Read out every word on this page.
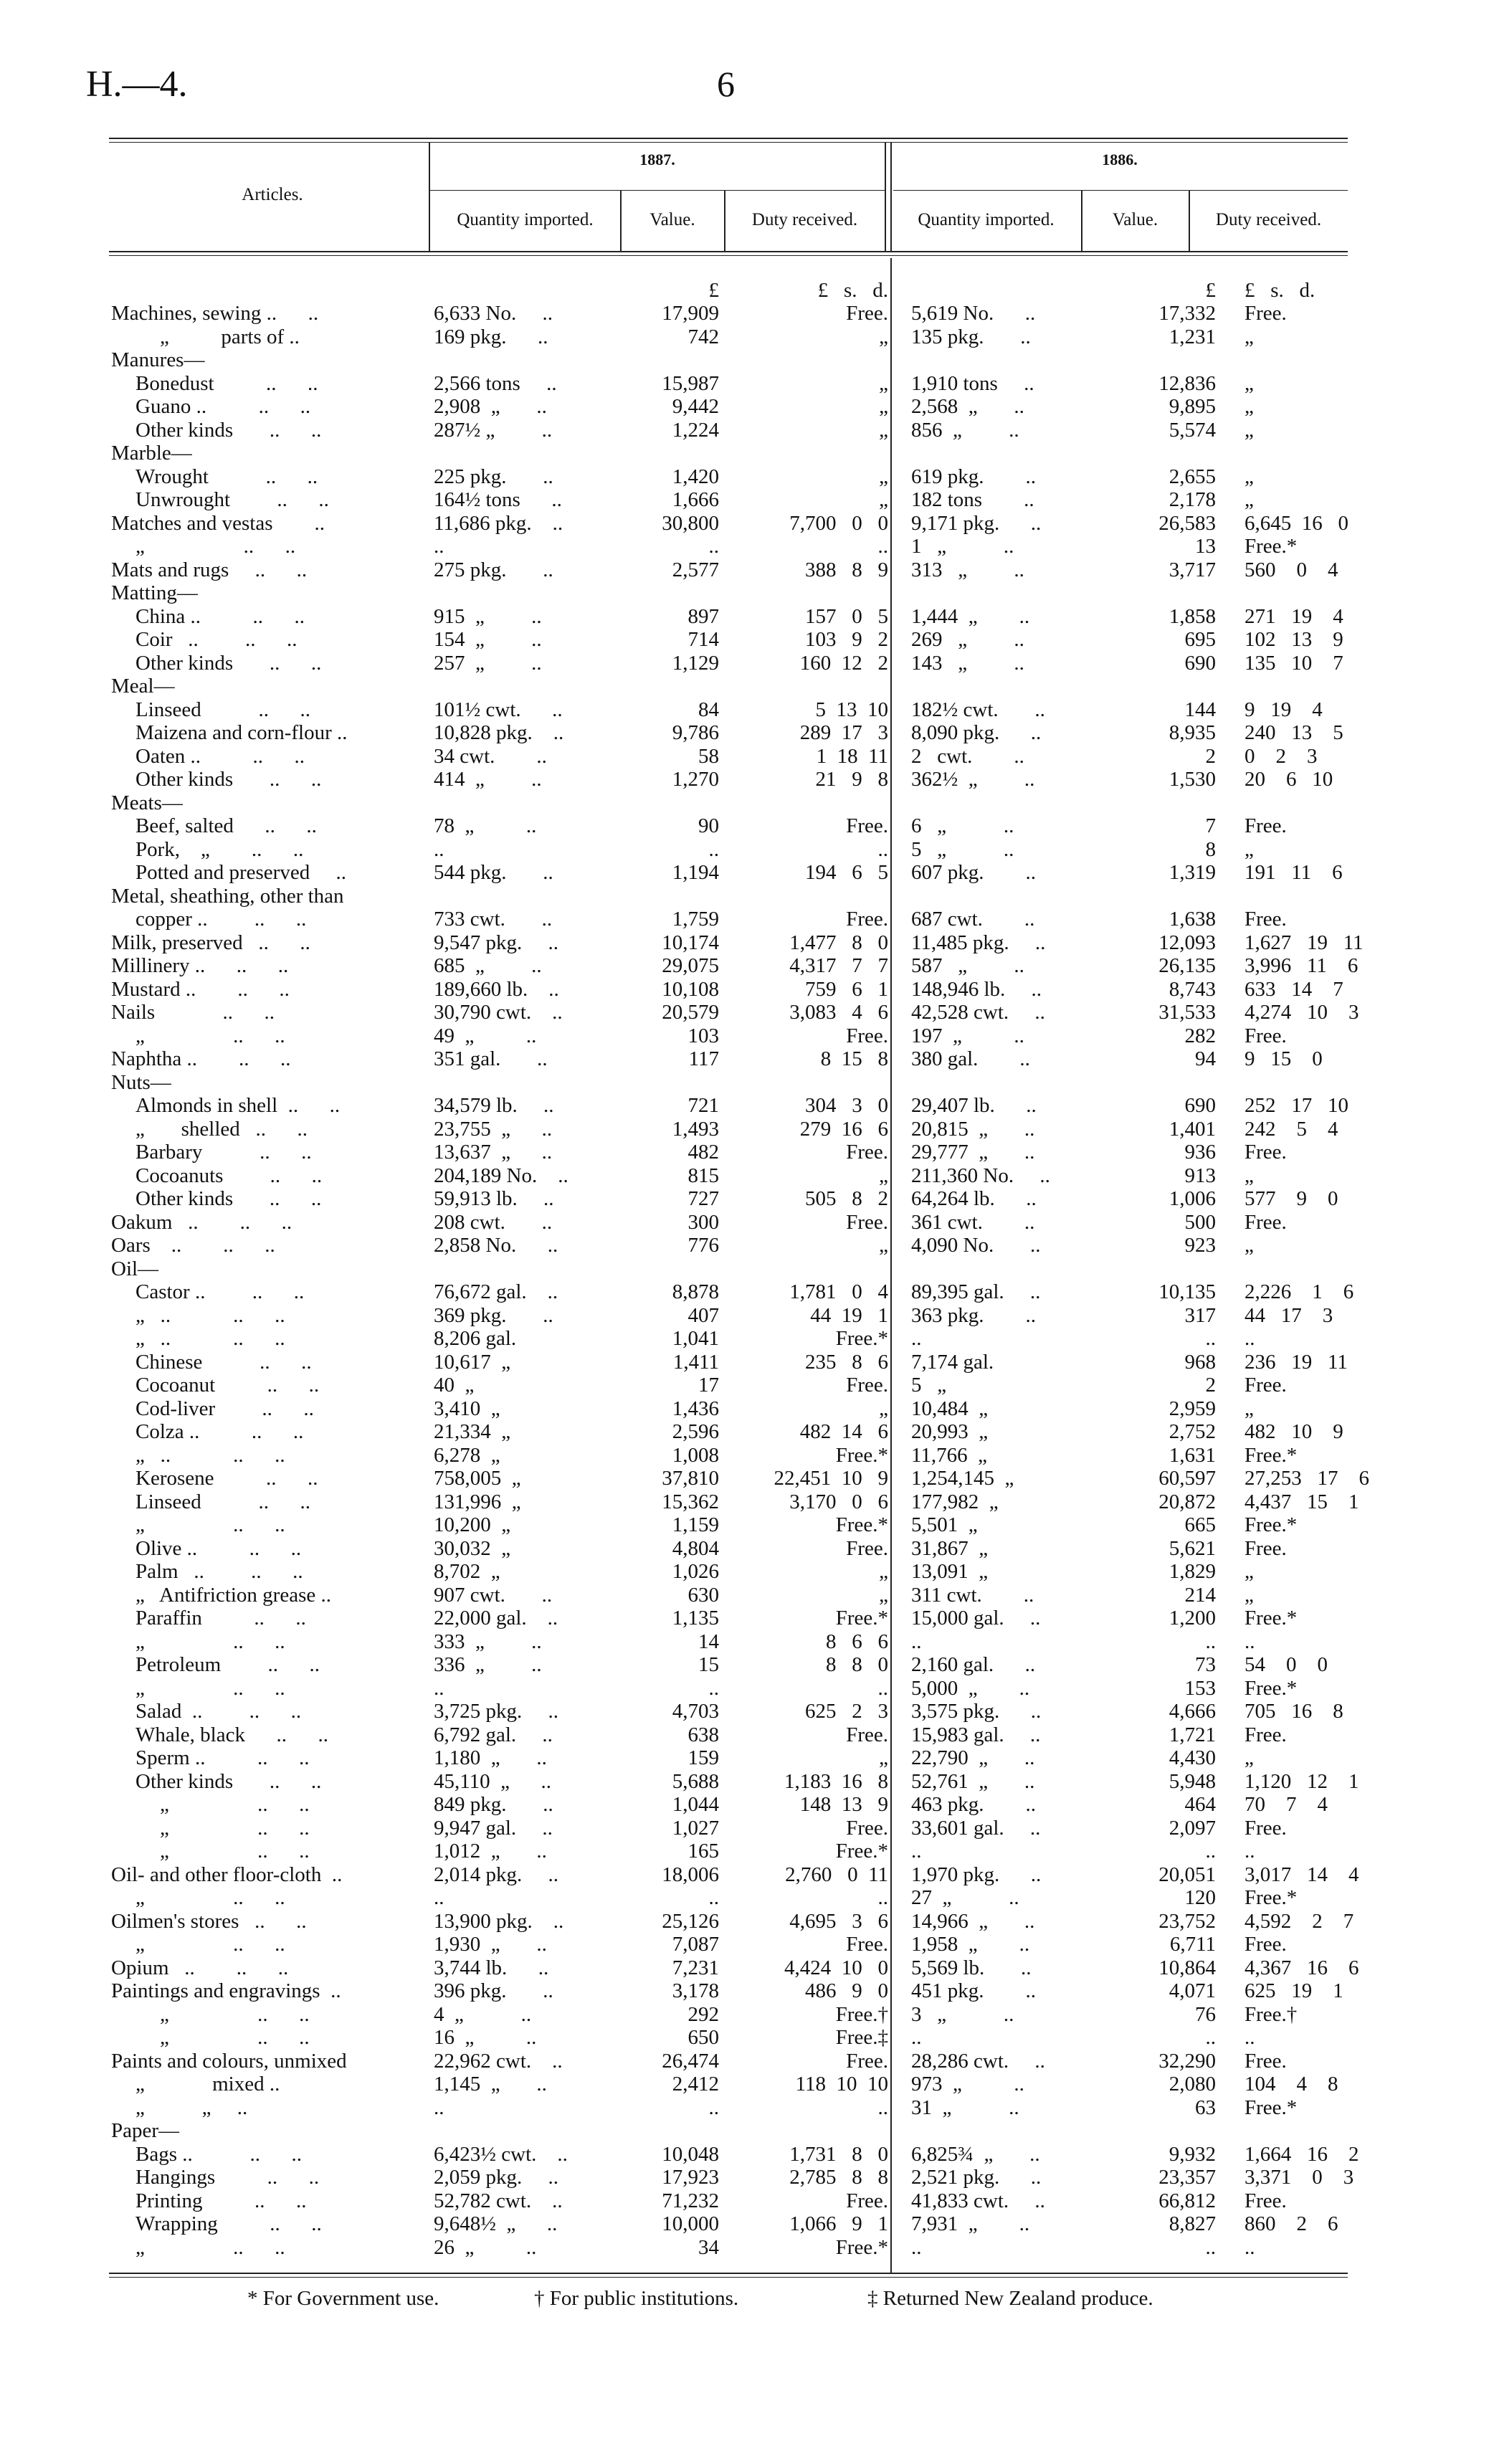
H.—4.	6
Articles.
1887.	1886.
Quantity imported.	Value.	Duty received.	Quantity imported.	Value.	Duty received.
		£	£   s.   d.		£	£   s.   d.
Machines, sewing ..      ..	6,633 No.     ..	17,909	Free.	5,619 No.      ..	17,332	Free.
„          parts of ..	169 pkg.      ..	742	„	135 pkg.       ..	1,231	„
Manures—						
Bonedust          ..      ..	2,566 tons     ..	15,987	„	1,910 tons     ..	12,836	„
Guano ..          ..      ..	2,908  „       ..	9,442	„	2,568  „       ..	9,895	„
Other kinds       ..      ..	287½ „         ..	1,224	„	856  „         ..	5,574	„
Marble—						
Wrought           ..      ..	225 pkg.       ..	1,420	„	619 pkg.        ..	2,655	„
Unwrought         ..      ..	164½ tons      ..	1,666	„	182 tons        ..	2,178	„
Matches and vestas        ..	11,686 pkg.    ..	30,800	7,700   0   0	9,171 pkg.      ..	26,583	6,645  16   0
„                   ..      ..	..	..	..	1   „           ..	13	Free.*
Mats and rugs     ..      ..	275 pkg.       ..	2,577	388   8   9	313   „         ..	3,717	560    0    4
Matting—						
China ..          ..      ..	915  „         ..	897	157   0   5	1,444  „        ..	1,858	271   19    4
Coir   ..         ..      ..	154  „         ..	714	103   9   2	269   „         ..	695	102   13    9
Other kinds       ..      ..	257  „         ..	1,129	160  12   2	143   „         ..	690	135   10    7
Meal—						
Linseed           ..      ..	101½ cwt.      ..	84	5  13  10	182½ cwt.       ..	144	9   19    4
Maizena and corn-flour ..	10,828 pkg.    ..	9,786	289  17   3	8,090 pkg.      ..	8,935	240   13    5
Oaten ..          ..      ..	34 cwt.        ..	58	1  18  11	2   cwt.        ..	2	0    2    3
Other kinds       ..      ..	414  „         ..	1,270	21   9   8	362½  „         ..	1,530	20    6   10
Meats—						
Beef, salted      ..      ..	78  „          ..	90	Free.	6   „           ..	7	Free.
Pork,    „        ..      ..	..	..	..	5   „           ..	8	„
Potted and preserved     ..	544 pkg.       ..	1,194	194   6   5	607 pkg.        ..	1,319	191   11    6
Metal, sheathing, other than						
copper ..         ..      ..	733 cwt.       ..	1,759	Free.	687 cwt.        ..	1,638	Free.
Milk, preserved   ..      ..	9,547 pkg.     ..	10,174	1,477   8   0	11,485 pkg.     ..	12,093	1,627   19   11
Millinery ..      ..      ..	685  „         ..	29,075	4,317   7   7	587   „         ..	26,135	3,996   11    6
Mustard ..        ..      ..	189,660 lb.    ..	10,108	759   6   1	148,946 lb.     ..	8,743	633   14    7
Nails             ..      ..	30,790 cwt.    ..	20,579	3,083   4   6	42,528 cwt.     ..	31,533	4,274   10    3
„                 ..      ..	49  „          ..	103	Free.	197  „          ..	282	Free.
Naphtha ..        ..      ..	351 gal.       ..	117	8  15   8	380 gal.        ..	94	9   15    0
Nuts—						
Almonds in shell  ..      ..	34,579 lb.     ..	721	304   3   0	29,407 lb.      ..	690	252   17   10
„       shelled   ..      ..	23,755  „      ..	1,493	279  16   6	20,815  „       ..	1,401	242    5    4
Barbary           ..      ..	13,637  „      ..	482	Free.	29,777  „       ..	936	Free.
Cocoanuts         ..      ..	204,189 No.    ..	815	„	211,360 No.     ..	913	„
Other kinds       ..      ..	59,913 lb.     ..	727	505   8   2	64,264 lb.      ..	1,006	577    9    0
Oakum   ..        ..      ..	208 cwt.       ..	300	Free.	361 cwt.        ..	500	Free.
Oars    ..        ..      ..	2,858 No.      ..	776	„	4,090 No.       ..	923	„
Oil—						
Castor ..         ..      ..	76,672 gal.    ..	8,878	1,781   0   4	89,395 gal.     ..	10,135	2,226    1    6
„   ..            ..      ..	369 pkg.       ..	407	44  19   1	363 pkg.        ..	317	44   17    3
„   ..            ..      ..	8,206 gal.	1,041	Free.*	..	..	..
Chinese           ..      ..	10,617  „	1,411	235   8   6	7,174 gal.	968	236   19   11
Cocoanut          ..      ..	40  „	17	Free.	5   „	2	Free.
Cod-liver         ..      ..	3,410  „	1,436	„	10,484  „	2,959	„
Colza ..          ..      ..	21,334  „	2,596	482  14   6	20,993  „	2,752	482   10    9
„   ..            ..      ..	6,278  „	1,008	Free.*	11,766  „	1,631	Free.*
Kerosene          ..      ..	758,005  „	37,810	22,451  10   9	1,254,145  „	60,597	27,253   17    6
Linseed           ..      ..	131,996  „	15,362	3,170   0   6	177,982  „	20,872	4,437   15    1
„                 ..      ..	10,200  „	1,159	Free.*	5,501  „	665	Free.*
Olive ..          ..      ..	30,032  „	4,804	Free.	31,867  „	5,621	Free.
Palm   ..         ..      ..	8,702  „	1,026	„	13,091  „	1,829	„
„   Antifriction grease ..	907 cwt.       ..	630	„	311 cwt.        ..	214	„
Paraffin          ..      ..	22,000 gal.    ..	1,135	Free.*	15,000 gal.     ..	1,200	Free.*
„                 ..      ..	333  „         ..	14	8   6   6	..	..	..
Petroleum         ..      ..	336  „         ..	15	8   8   0	2,160 gal.      ..	73	54    0    0
„                 ..      ..	..	..	..	5,000  „        ..	153	Free.*
Salad  ..         ..      ..	3,725 pkg.     ..	4,703	625   2   3	3,575 pkg.      ..	4,666	705   16    8
Whale, black      ..      ..	6,792 gal.     ..	638	Free.	15,983 gal.     ..	1,721	Free.
Sperm ..          ..      ..	1,180  „       ..	159	„	22,790  „       ..	4,430	„
Other kinds       ..      ..	45,110  „      ..	5,688	1,183  16   8	52,761  „       ..	5,948	1,120   12    1
„                 ..      ..	849 pkg.       ..	1,044	148  13   9	463 pkg.        ..	464	70    7    4
„                 ..      ..	9,947 gal.     ..	1,027	Free.	33,601 gal.     ..	2,097	Free.
„                 ..      ..	1,012  „       ..	165	Free.*	..	..	..
Oil- and other floor-cloth  ..	2,014 pkg.     ..	18,006	2,760   0  11	1,970 pkg.      ..	20,051	3,017   14    4
„                 ..      ..	..	..	..	27  „           ..	120	Free.*
Oilmen's stores   ..      ..	13,900 pkg.    ..	25,126	4,695   3   6	14,966  „       ..	23,752	4,592    2    7
„                 ..      ..	1,930  „       ..	7,087	Free.	1,958  „        ..	6,711	Free.
Opium   ..        ..      ..	3,744 lb.      ..	7,231	4,424  10   0	5,569 lb.       ..	10,864	4,367   16    6
Paintings and engravings  ..	396 pkg.       ..	3,178	486   9   0	451 pkg.        ..	4,071	625   19    1
„                 ..      ..	4  „           ..	292	Free.†	3   „           ..	76	Free.†
„                 ..      ..	16  „          ..	650	Free.‡	..	..	..
Paints and colours, unmixed	22,962 cwt.    ..	26,474	Free.	28,286 cwt.     ..	32,290	Free.
„             mixed ..	1,145  „       ..	2,412	118  10  10	973  „          ..	2,080	104    4    8
„           „     ..	..	..	..	31  „           ..	63	Free.*
Paper—						
Bags ..           ..      ..	6,423½ cwt.    ..	10,048	1,731   8   0	6,825¾  „       ..	9,932	1,664   16    2
Hangings          ..      ..	2,059 pkg.     ..	17,923	2,785   8   8	2,521 pkg.      ..	23,357	3,371    0    3
Printing          ..      ..	52,782 cwt.    ..	71,232	Free.	41,833 cwt.     ..	66,812	Free.
Wrapping          ..      ..	9,648½  „      ..	10,000	1,066   9   1	7,931  „        ..	8,827	860    2    6
„                 ..      ..	26  „          ..	34	Free.*	..	..	..
* For Government use.	† For public institutions.	‡ Returned New Zealand produce.
